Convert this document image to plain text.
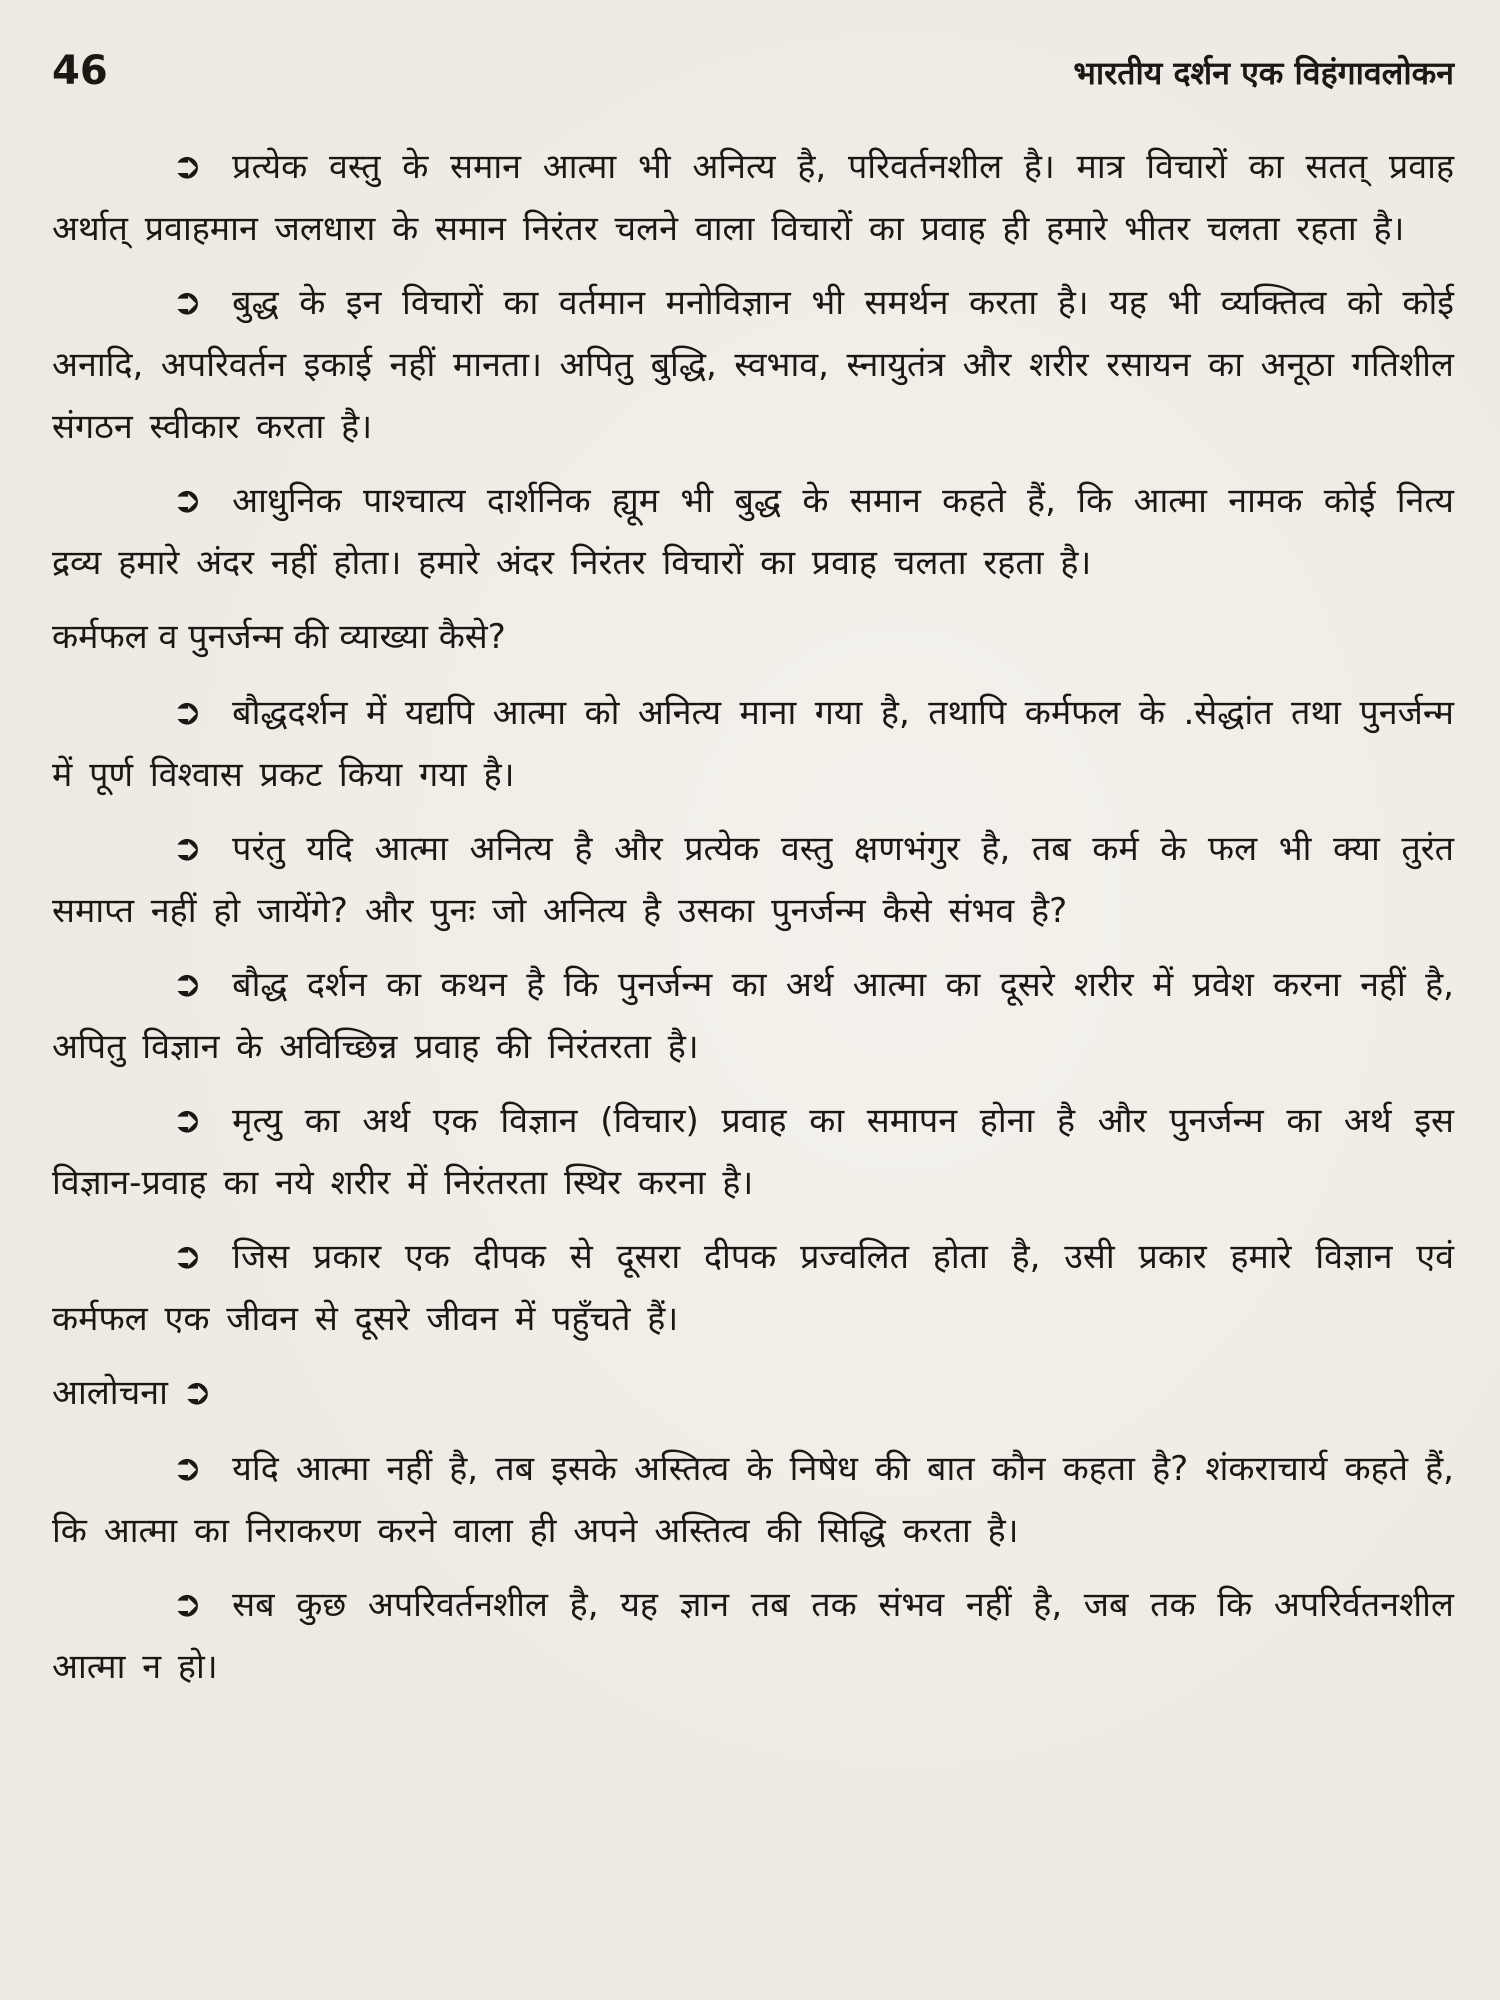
46	भारतीय दर्शन एक विहंगावलोकन

➲ प्रत्येक वस्तु के समान आत्मा भी अनित्य है, परिवर्तनशील है। मात्र विचारों का सतत् प्रवाह अर्थात् प्रवाहमान जलधारा के समान निरंतर चलने वाला विचारों का प्रवाह ही हमारे भीतर चलता रहता है।

➲ बुद्ध के इन विचारों का वर्तमान मनोविज्ञान भी समर्थन करता है। यह भी व्यक्तित्व को कोई अनादि, अपरिवर्तन इकाई नहीं मानता। अपितु बुद्धि, स्वभाव, स्नायुतंत्र और शरीर रसायन का अनूठा गतिशील संगठन स्वीकार करता है।

➲ आधुनिक पाश्चात्य दार्शनिक ह्यूम भी बुद्ध के समान कहते हैं, कि आत्मा नामक कोई नित्य द्रव्य हमारे अंदर नहीं होता। हमारे अंदर निरंतर विचारों का प्रवाह चलता रहता है।

कर्मफल व पुनर्जन्म की व्याख्या कैसे?

➲ बौद्धदर्शन में यद्यपि आत्मा को अनित्य माना गया है, तथापि कर्मफल के .सेद्धांत तथा पुनर्जन्म में पूर्ण विश्वास प्रकट किया गया है।

➲ परंतु यदि आत्मा अनित्य है और प्रत्येक वस्तु क्षणभंगुर है, तब कर्म के फल भी क्या तुरंत समाप्त नहीं हो जायेंगे? और पुनः जो अनित्य है उसका पुनर्जन्म कैसे संभव है?

➲ बौद्ध दर्शन का कथन है कि पुनर्जन्म का अर्थ आत्मा का दूसरे शरीर में प्रवेश करना नहीं है, अपितु विज्ञान के अविच्छिन्न प्रवाह की निरंतरता है।

➲ मृत्यु का अर्थ एक विज्ञान (विचार) प्रवाह का समापन होना है और पुनर्जन्म का अर्थ इस विज्ञान-प्रवाह का नये शरीर में निरंतरता स्थिर करना है।

➲ जिस प्रकार एक दीपक से दूसरा दीपक प्रज्वलित होता है, उसी प्रकार हमारे विज्ञान एवं कर्मफल एक जीवन से दूसरे जीवन में पहुँचते हैं।

आलोचना ➲

➲ यदि आत्मा नहीं है, तब इसके अस्तित्व के निषेध की बात कौन कहता है? शंकराचार्य कहते हैं, कि आत्मा का निराकरण करने वाला ही अपने अस्तित्व की सिद्धि करता है।

➲ सब कुछ अपरिवर्तनशील है, यह ज्ञान तब तक संभव नहीं है, जब तक कि अपरिर्वतनशील आत्मा न हो।
